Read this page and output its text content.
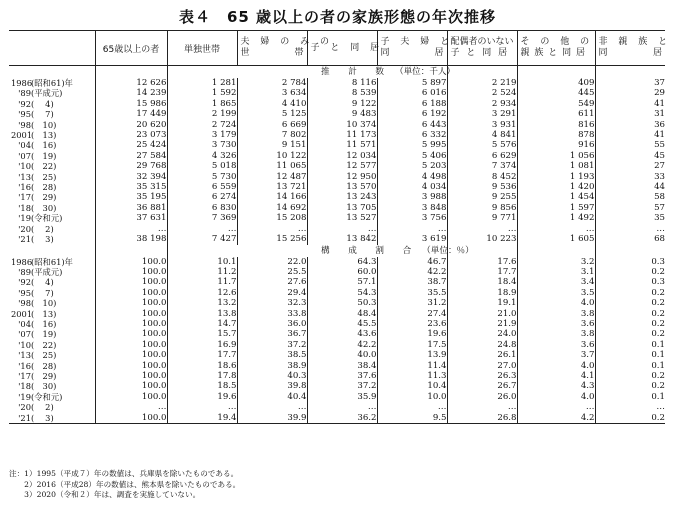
表４　65 歳以上の者の家族形態の年次推移
	65歳以上の者	単独世帯	夫 婦 の み の
世 帯	子 と 同 居	子 夫 婦 と
同 居	配偶者のいない
子 と 同 居	そ の 他 の
親 族 と 同 居	非 親 族 と
同 居

			推　計　数 （単位：千人）					
1986(昭和61)年	12 626	1 281	2 784	8 116	5 897	2 219	409	37
'89(平成元)	14 239	1 592	3 634	8 539	6 016	2 524	445	29
'92(　 4)	15 986	1 865	4 410	9 122	6 188	2 934	549	41
'95(　 7)	17 449	2 199	5 125	9 483	6 192	3 291	611	31
'98(　10)	20 620	2 724	6 669	10 374	6 443	3 931	816	36
2001(　13)	23 073	3 179	7 802	11 173	6 332	4 841	878	41
'04(　16)	25 424	3 730	9 151	11 571	5 995	5 576	916	55
'07(　19)	27 584	4 326	10 122	12 034	5 406	6 629	1 056	45
'10(　22)	29 768	5 018	11 065	12 577	5 203	7 374	1 081	27
'13(　25)	32 394	5 730	12 487	12 950	4 498	8 452	1 193	33
'16(　28)	35 315	6 559	13 721	13 570	4 034	9 536	1 420	44
'17(　29)	35 195	6 274	14 166	13 243	3 988	9 255	1 454	58
'18(　30)	36 881	6 830	14 692	13 705	3 848	9 856	1 597	57
'19(令和元)	37 631	7 369	15 208	13 527	3 756	9 771	1 492	35
'20(　 2)	…	…	…	…	…	…	…	…
'21(　 3)	38 198	7 427	15 256	13 842	3 619	10 223	1 605	68
			構　成　割　合 （単位：％）					
1986(昭和61)年	100.0	10.1	22.0	64.3	46.7	17.6	3.2	0.3
'89(平成元)	100.0	11.2	25.5	60.0	42.2	17.7	3.1	0.2
'92(　 4)	100.0	11.7	27.6	57.1	38.7	18.4	3.4	0.3
'95(　 7)	100.0	12.6	29.4	54.3	35.5	18.9	3.5	0.2
'98(　10)	100.0	13.2	32.3	50.3	31.2	19.1	4.0	0.2
2001(　13)	100.0	13.8	33.8	48.4	27.4	21.0	3.8	0.2
'04(　16)	100.0	14.7	36.0	45.5	23.6	21.9	3.6	0.2
'07(　19)	100.0	15.7	36.7	43.6	19.6	24.0	3.8	0.2
'10(　22)	100.0	16.9	37.2	42.2	17.5	24.8	3.6	0.1
'13(　25)	100.0	17.7	38.5	40.0	13.9	26.1	3.7	0.1
'16(　28)	100.0	18.6	38.9	38.4	11.4	27.0	4.0	0.1
'17(　29)	100.0	17.8	40.3	37.6	11.3	26.3	4.1	0.2
'18(　30)	100.0	18.5	39.8	37.2	10.4	26.7	4.3	0.2
'19(令和元)	100.0	19.6	40.4	35.9	10.0	26.0	4.0	0.1
'20(　 2)	…	…	…	…	…	…	…	…
'21(　 3)	100.0	19.4	39.9	36.2	9.5	26.8	4.2	0.2
注：1）1995（平成７）年の数値は、兵庫県を除いたものである。
　　2）2016（平成28）年の数値は、熊本県を除いたものである。
　　3）2020（令和２）年は、調査を実施していない。
